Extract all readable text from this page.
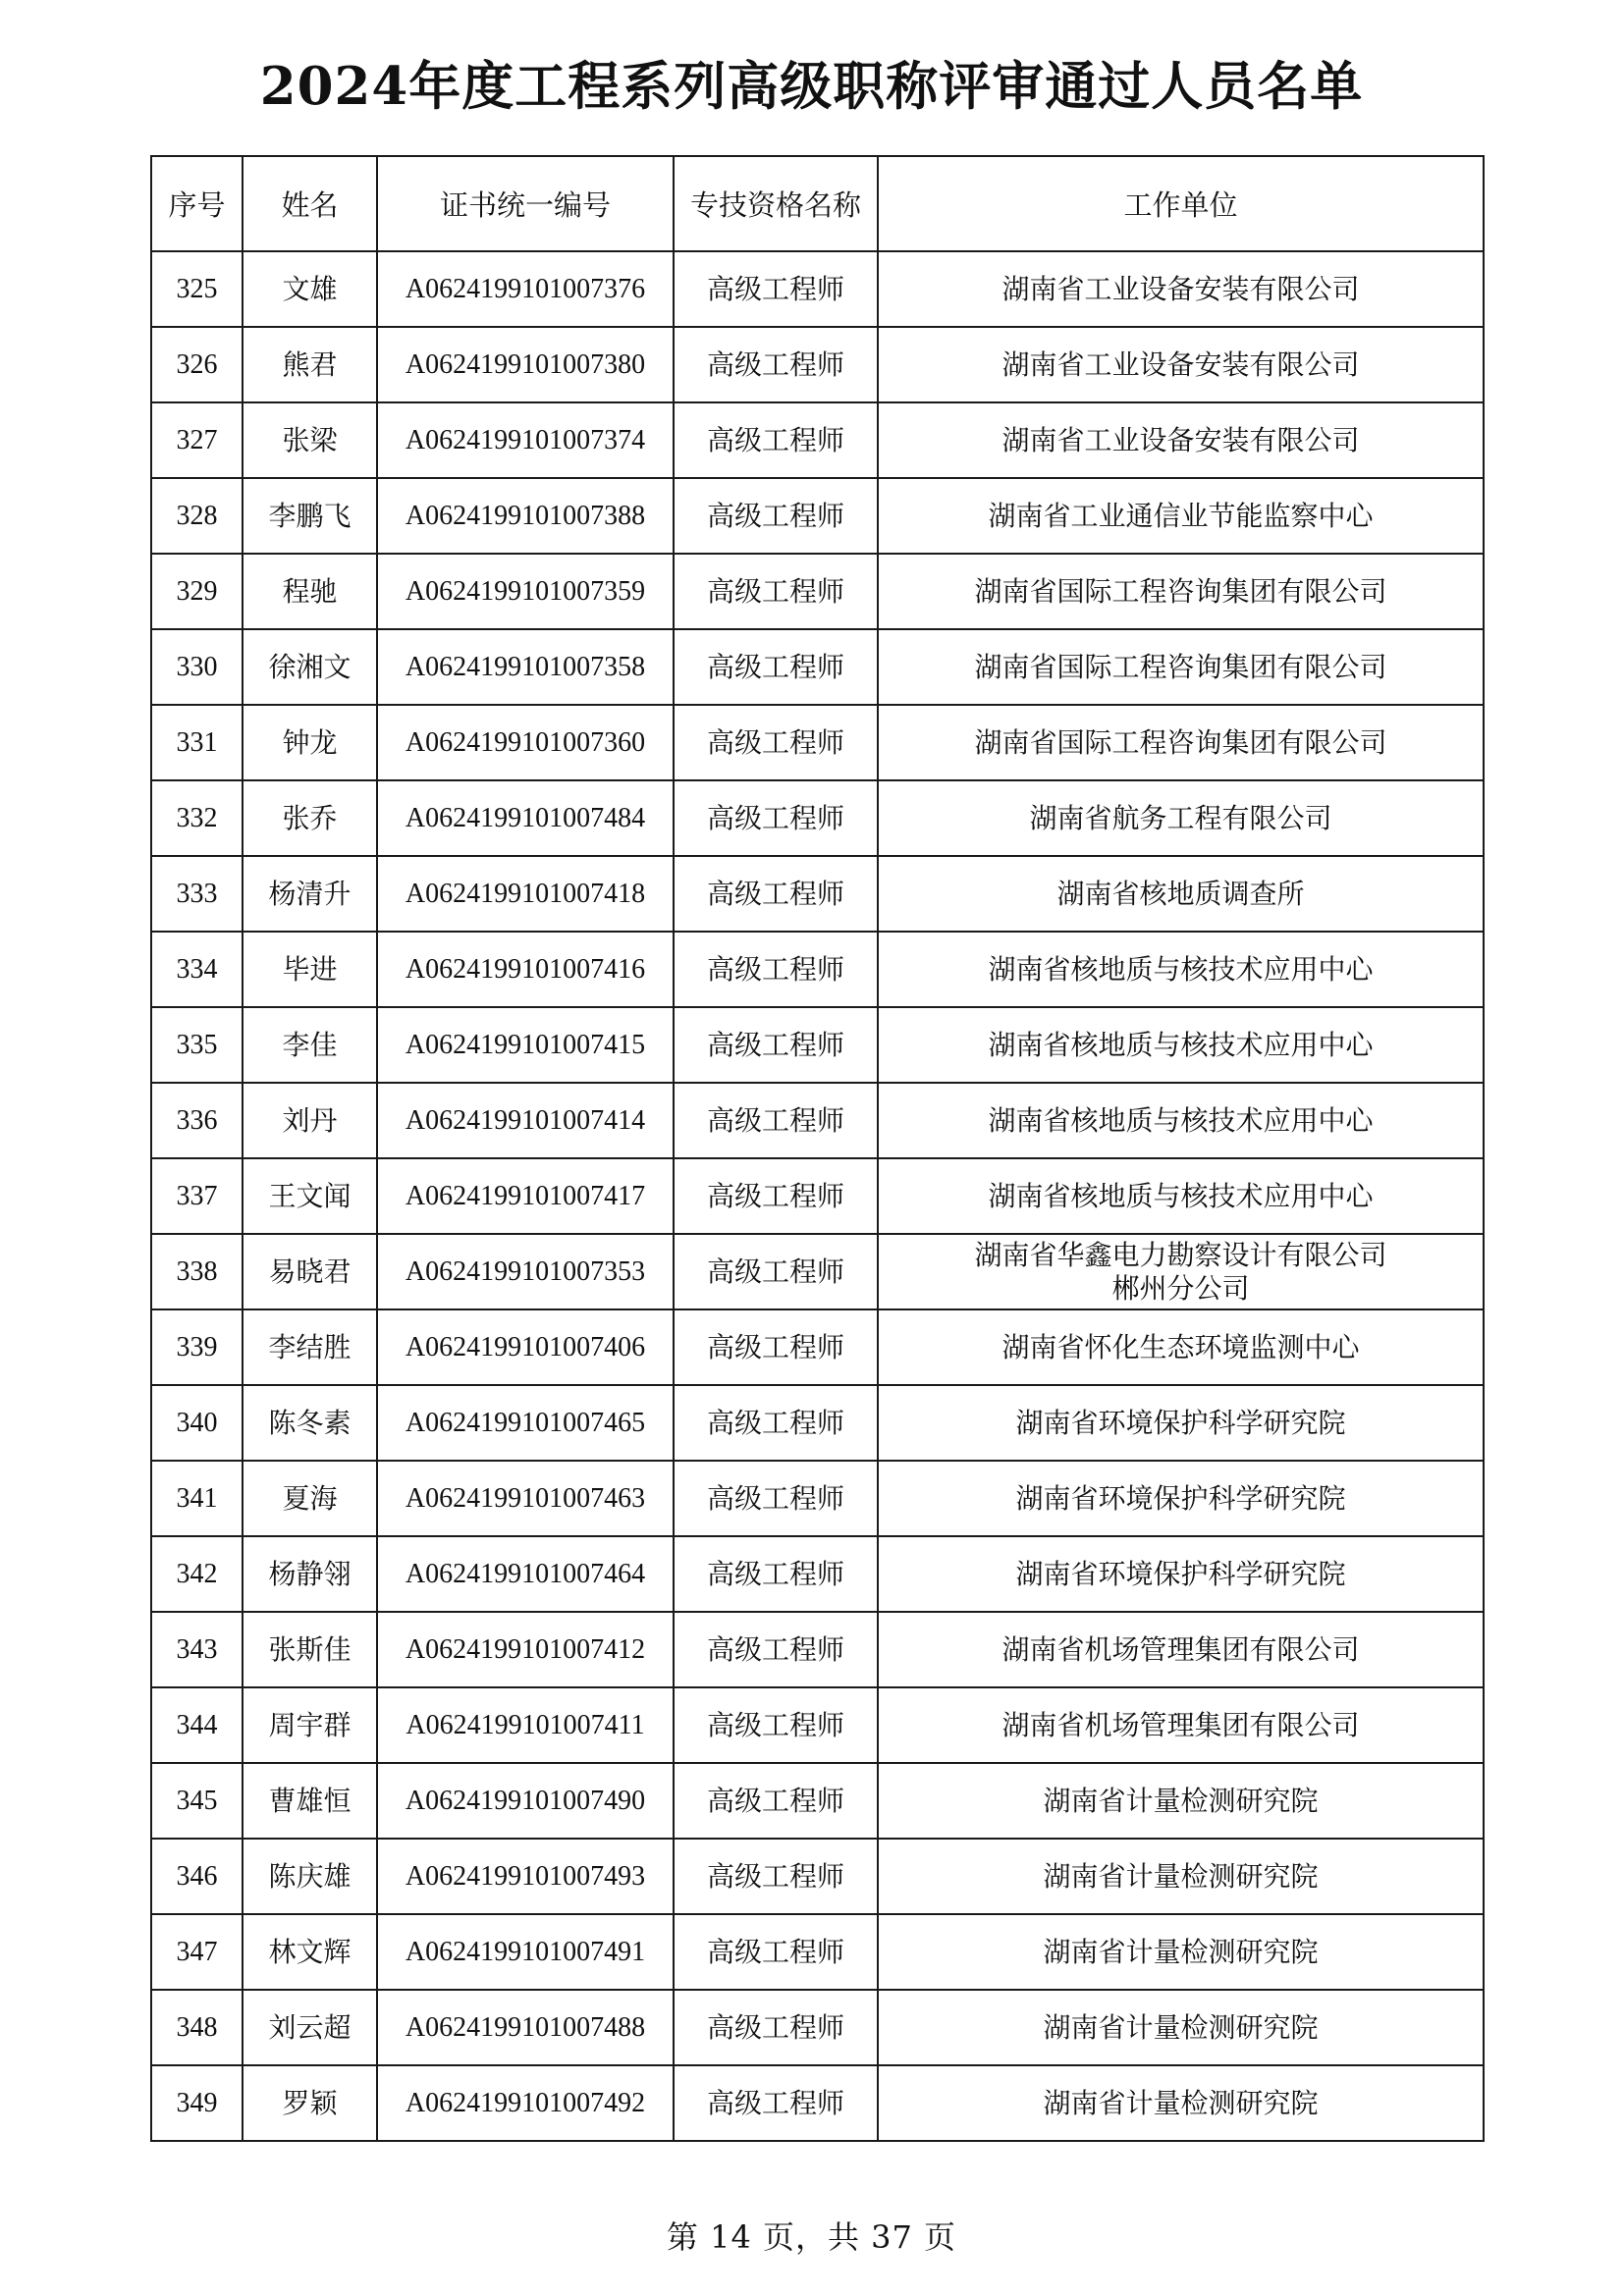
2024年度工程系列高级职称评审通过人员名单
序号	姓名	证书统一编号	专技资格名称	工作单位
325	文雄	A0624199101007376	高级工程师	湖南省工业设备安装有限公司

326	熊君	A0624199101007380	高级工程师	湖南省工业设备安装有限公司

327	张梁	A0624199101007374	高级工程师	湖南省工业设备安装有限公司

328	李鹏飞	A0624199101007388	高级工程师	湖南省工业通信业节能监察中心

329	程驰	A0624199101007359	高级工程师	湖南省国际工程咨询集团有限公司

330	徐湘文	A0624199101007358	高级工程师	湖南省国际工程咨询集团有限公司

331	钟龙	A0624199101007360	高级工程师	湖南省国际工程咨询集团有限公司

332	张乔	A0624199101007484	高级工程师	湖南省航务工程有限公司

333	杨清升	A0624199101007418	高级工程师	湖南省核地质调查所

334	毕进	A0624199101007416	高级工程师	湖南省核地质与核技术应用中心

335	李佳	A0624199101007415	高级工程师	湖南省核地质与核技术应用中心

336	刘丹	A0624199101007414	高级工程师	湖南省核地质与核技术应用中心

337	王文闻	A0624199101007417	高级工程师	湖南省核地质与核技术应用中心

338	易晓君	A0624199101007353	高级工程师	湖南省华鑫电力勘察设计有限公司
郴州分公司

339	李结胜	A0624199101007406	高级工程师	湖南省怀化生态环境监测中心

340	陈冬素	A0624199101007465	高级工程师	湖南省环境保护科学研究院

341	夏海	A0624199101007463	高级工程师	湖南省环境保护科学研究院

342	杨静翎	A0624199101007464	高级工程师	湖南省环境保护科学研究院

343	张斯佳	A0624199101007412	高级工程师	湖南省机场管理集团有限公司

344	周宇群	A0624199101007411	高级工程师	湖南省机场管理集团有限公司

345	曹雄恒	A0624199101007490	高级工程师	湖南省计量检测研究院

346	陈庆雄	A0624199101007493	高级工程师	湖南省计量检测研究院

347	林文辉	A0624199101007491	高级工程师	湖南省计量检测研究院

348	刘云超	A0624199101007488	高级工程师	湖南省计量检测研究院

349	罗颖	A0624199101007492	高级工程师	湖南省计量检测研究院
第 14 页，共 37 页
